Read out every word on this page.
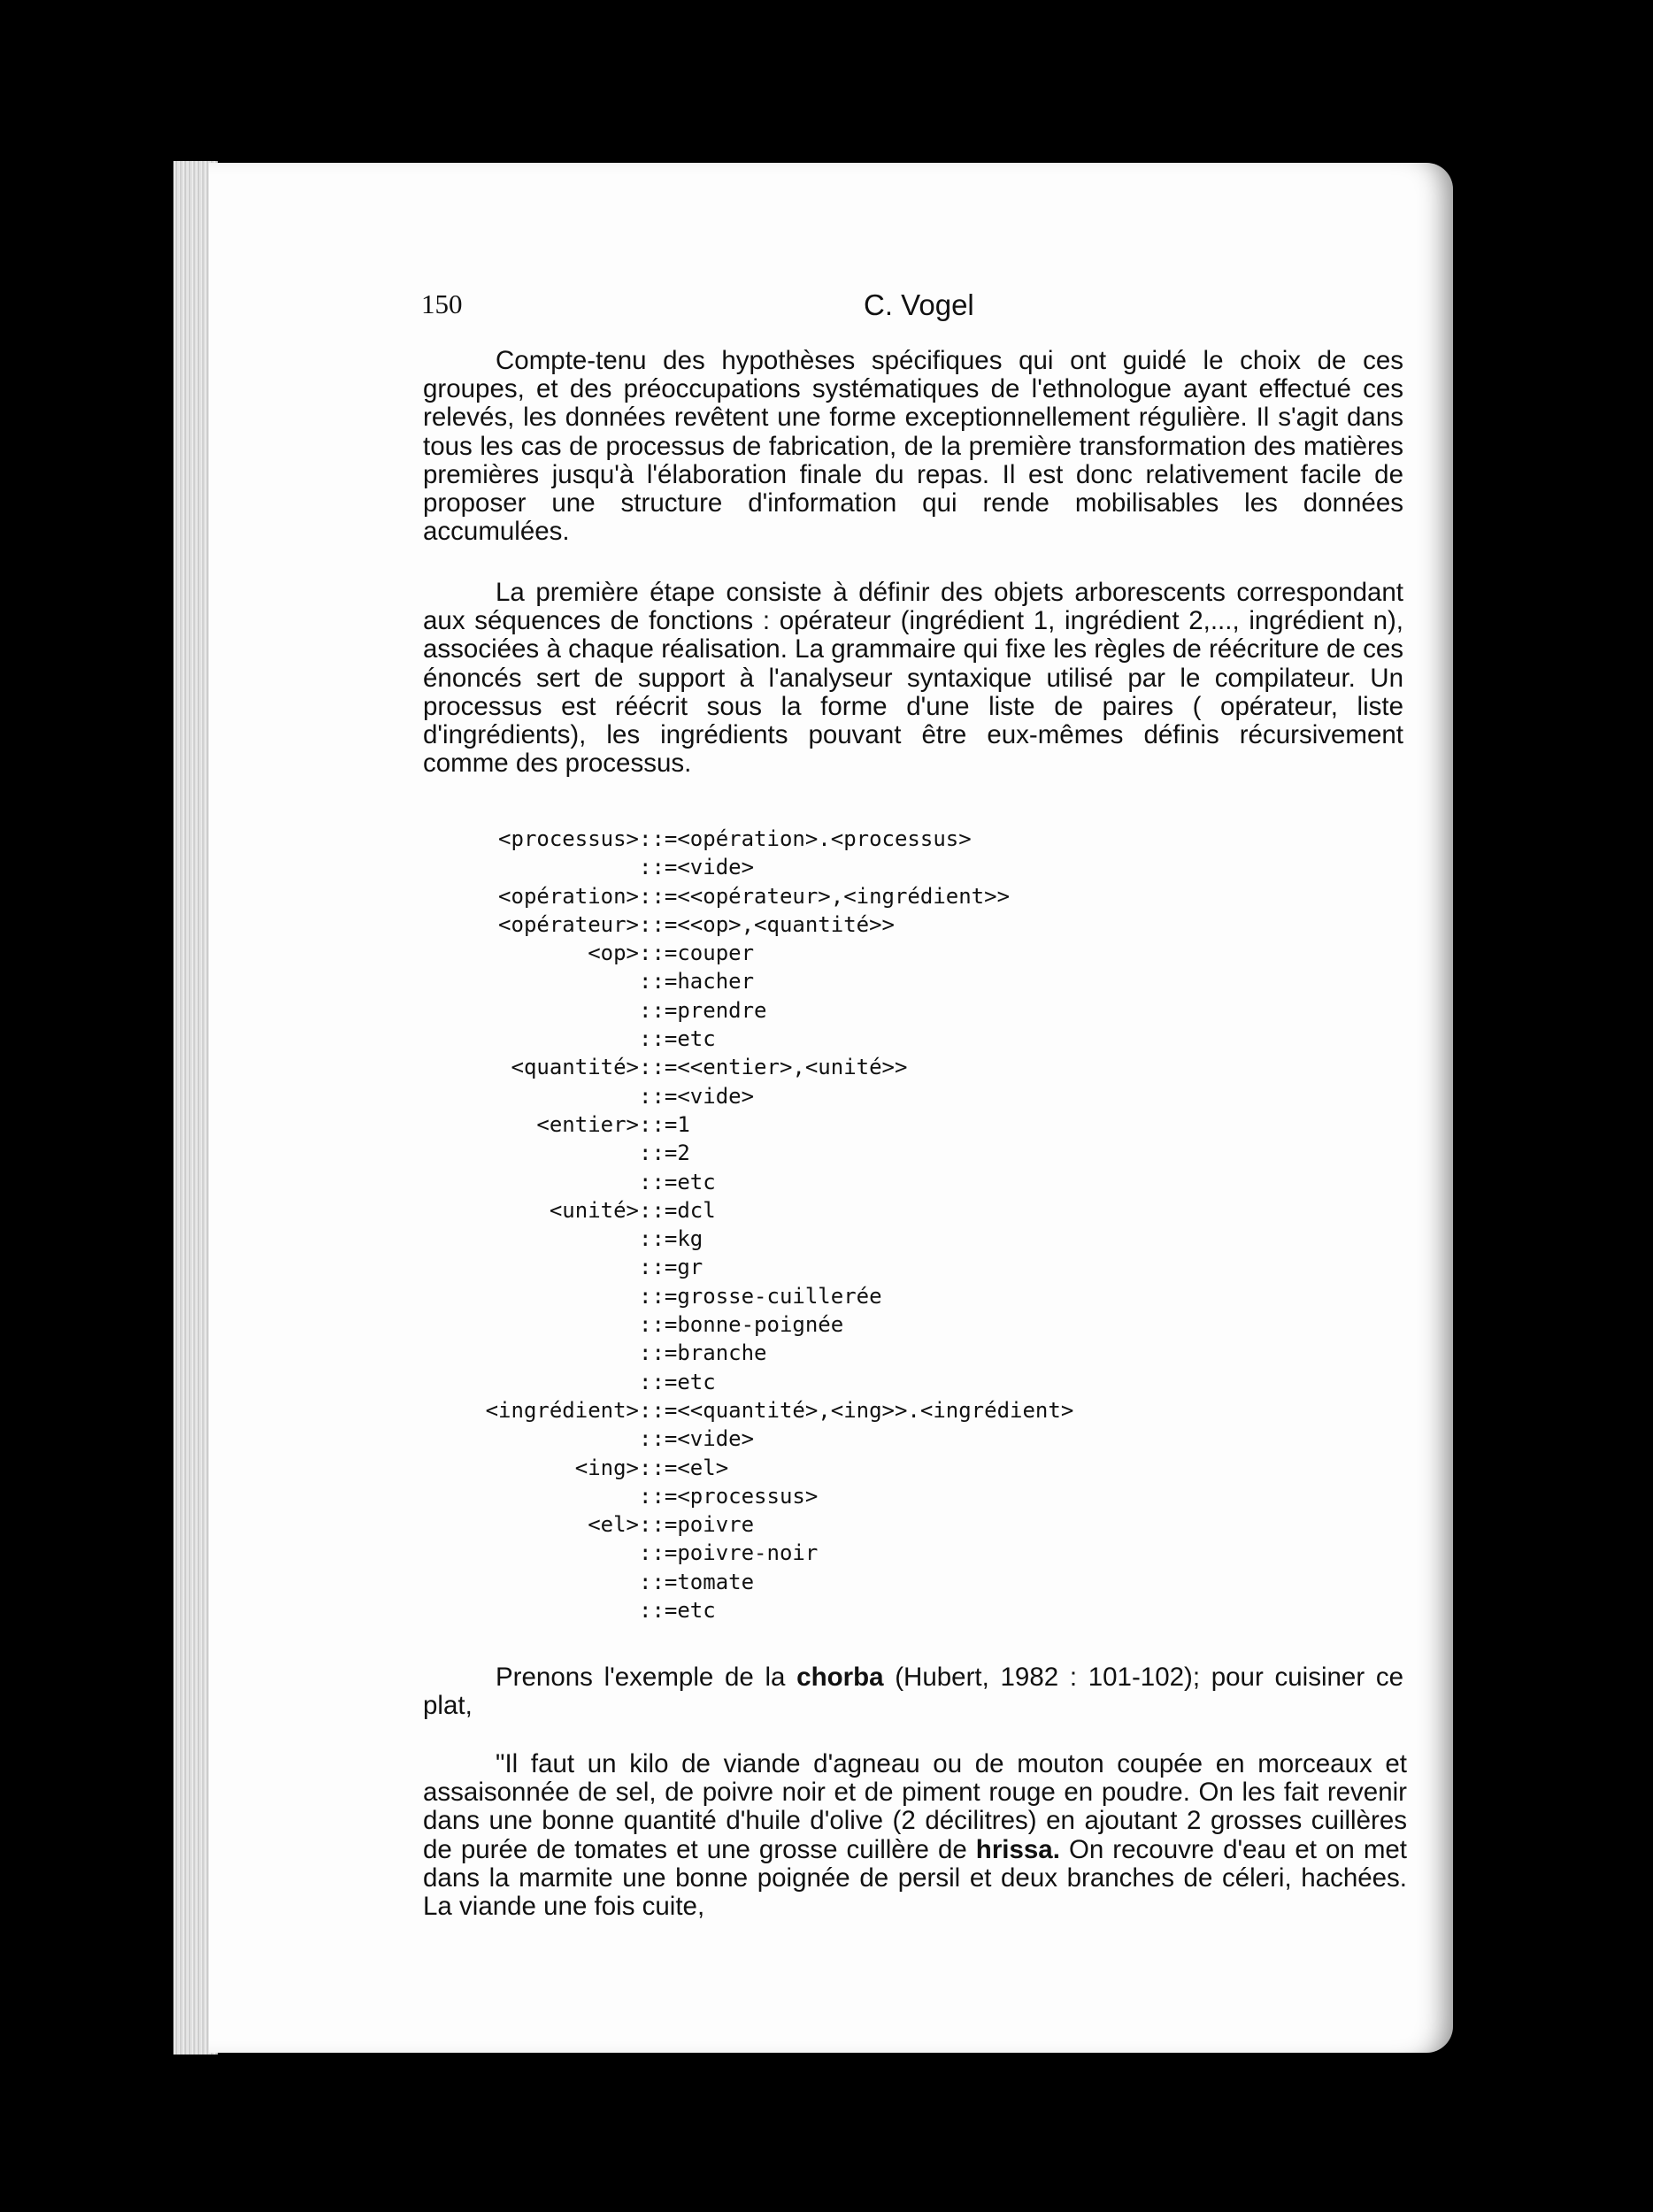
150	C. Vogel

Compte-tenu des hypothèses spécifiques qui ont guidé le choix de ces groupes, et des préoccupations systématiques de l'ethnologue ayant effectué ces relevés, les données revêtent une forme exceptionnellement régulière. Il s'agit dans tous les cas de processus de fabrication, de la première transformation des matières premières jusqu'à l'élaboration finale du repas. Il est donc relativement facile de proposer une structure d'information qui rende mobilisables les données accumulées.

La première étape consiste à définir des objets arborescents correspondant aux séquences de fonctions : opérateur (ingrédient 1, ingrédient 2,..., ingrédient n), associées à chaque réalisation. La grammaire qui fixe les règles de réécriture de ces énoncés sert de support à l'analyseur syntaxique utilisé par le compilateur. Un processus est réécrit sous la forme d'une liste de paires ( opérateur, liste d'ingrédients), les ingrédients pouvant être eux-mêmes définis récursivement comme des processus.

<processus>::=<opération>.<processus>
::=<vide>
<opération>::=<<opérateur>,<ingrédient>>
<opérateur>::=<<op>,<quantité>>
<op>::=couper
::=hacher
::=prendre
::=etc
<quantité>::=<<entier>,<unité>>
::=<vide>
<entier>::=1
::=2
::=etc
<unité>::=dcl
::=kg
::=gr
::=grosse-cuillerée
::=bonne-poignée
::=branche
::=etc
<ingrédient>::=<<quantité>,<ing>>.<ingrédient>
::=<vide>
<ing>::=<el>
::=<processus>
<el>::=poivre
::=poivre-noir
::=tomate
::=etc

Prenons l'exemple de la chorba (Hubert, 1982 : 101-102); pour cuisiner ce plat,

"Il faut un kilo de viande d'agneau ou de mouton coupée en morceaux et assaisonnée de sel, de poivre noir et de piment rouge en poudre. On les fait revenir dans une bonne quantité d'huile d'olive (2 décilitres) en ajoutant 2 grosses cuillères de purée de tomates et une grosse cuillère de hrissa. On recouvre d'eau et on met dans la marmite une bonne poignée de persil et deux branches de céleri, hachées. La viande une fois cuite,
